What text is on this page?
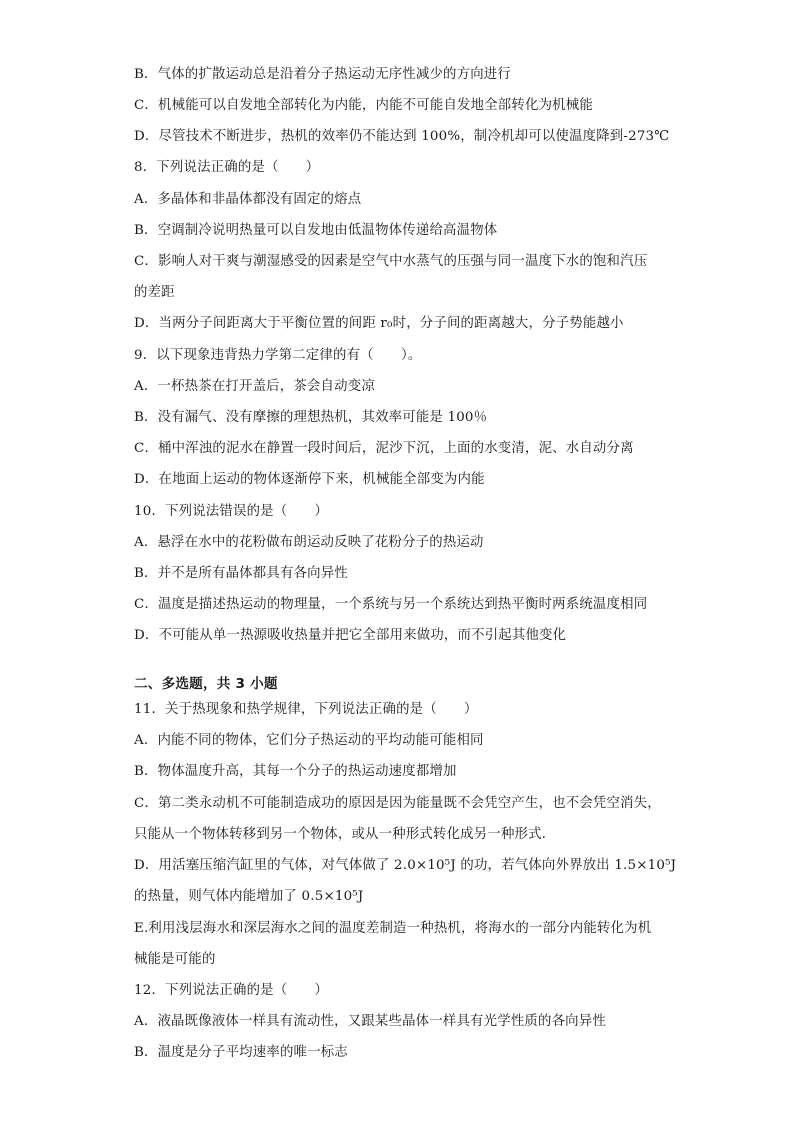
B．气体的扩散运动总是沿着分子热运动无序性减少的方向进行
C．机械能可以自发地全部转化为内能，内能不可能自发地全部转化为机械能
D．尽管技术不断进步，热机的效率仍不能达到 100%，制冷机却可以使温度降到-273℃
8．下列说法正确的是（　　）
A．多晶体和非晶体都没有固定的熔点
B．空调制冷说明热量可以自发地由低温物体传递给高温物体
C．影响人对干爽与潮湿感受的因素是空气中水蒸气的压强与同一温度下水的饱和汽压
的差距
D．当两分子间距离大于平衡位置的间距 r₀时，分子间的距离越大，分子势能越小
9．以下现象违背热力学第二定律的有（　　）。
A．一杯热茶在打开盖后，茶会自动变凉
B．没有漏气、没有摩擦的理想热机，其效率可能是 100％
C．桶中浑浊的泥水在静置一段时间后，泥沙下沉，上面的水变清，泥、水自动分离
D．在地面上运动的物体逐渐停下来，机械能全部变为内能
10．下列说法错误的是（　　）
A．悬浮在水中的花粉做布朗运动反映了花粉分子的热运动
B．并不是所有晶体都具有各向异性
C．温度是描述热运动的物理量，一个系统与另一个系统达到热平衡时两系统温度相同
D．不可能从单一热源吸收热量并把它全部用来做功，而不引起其他变化
二、多选题，共 3 小题
11．关于热现象和热学规律，下列说法正确的是（　　）
A．内能不同的物体，它们分子热运动的平均动能可能相同
B．物体温度升高，其每一个分子的热运动速度都增加
C．第二类永动机不可能制造成功的原因是因为能量既不会凭空产生，也不会凭空消失，
只能从一个物体转移到另一个物体，或从一种形式转化成另一种形式．
D．用活塞压缩汽缸里的气体，对气体做了 2.0×10⁵J 的功，若气体向外界放出 1.5×10⁵J
的热量，则气体内能增加了 0.5×10⁵J
E.利用浅层海水和深层海水之间的温度差制造一种热机，将海水的一部分内能转化为机
械能是可能的
12．下列说法正确的是（　　）
A．液晶既像液体一样具有流动性，又跟某些晶体一样具有光学性质的各向异性
B．温度是分子平均速率的唯一标志
